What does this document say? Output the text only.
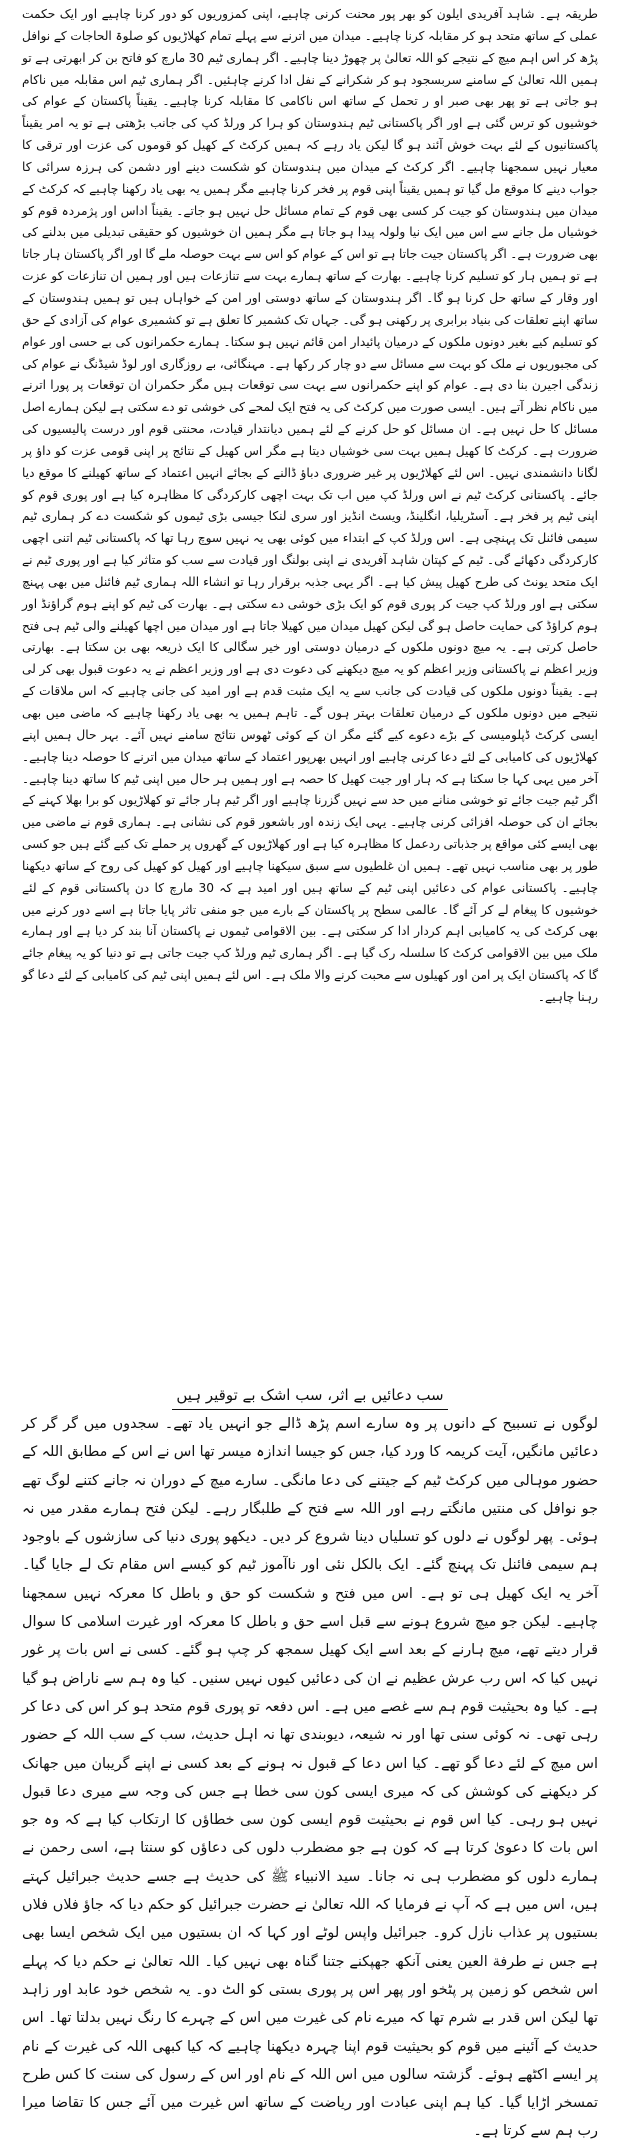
طریقہ ہے۔ شاہد آفریدی ایلون کو بھر پور محنت کرنی چاہیے، اپنی کمزوریوں کو دور کرنا چاہیے اور ایک حکمت عملی کے ساتھ متحد ہو کر مقابلہ کرنا چاہیے۔ میدان میں اترنے سے پہلے تمام کھلاڑیوں کو صلوۃ الحاجات کے نوافل پڑھ کر اس اہم میچ کے نتیجے کو اللہ تعالیٰ پر چھوڑ دینا چاہیے۔ اگر ہماری ٹیم 30 مارچ کو فاتح بن کر ابھرتی ہے تو ہمیں اللہ تعالیٰ کے سامنے سربسجود ہو کر شکرانے کے نفل ادا کرنے چاہئیں۔ اگر ہماری ٹیم اس مقابلہ میں ناکام ہو جاتی ہے تو پھر بھی صبر او ر تحمل کے ساتھ اس ناکامی کا مقابلہ کرنا چاہیے۔ یقیناً پاکستان کے عوام کی خوشیوں کو ترس گئی ہے اور اگر پاکستانی ٹیم ہندوستان کو ہرا کر ورلڈ کپ کی جانب بڑھتی ہے تو یہ امر یقیناً پاکستانیوں کے لئے بہت خوش آئند ہو گا لیکن یاد رہے کہ ہمیں کرکٹ کے کھیل کو قوموں کی عزت اور ترقی کا معیار نہیں سمجھنا چاہیے۔ اگر کرکٹ کے میدان میں ہندوستان کو شکست دینے اور دشمن کی ہرزہ سرائی کا جواب دینے کا موقع مل گیا تو ہمیں یقیناً اپنی قوم پر فخر کرنا چاہیے مگر ہمیں یہ بھی یاد رکھنا چاہیے کہ کرکٹ کے میدان میں ہندوستان کو جیت کر کسی بھی قوم کے تمام مسائل حل نہیں ہو جاتے۔ یقیناً اداس اور پژمردہ قوم کو خوشیاں مل جانے سے اس میں ایک نیا ولولہ پیدا ہو جاتا ہے مگر ہمیں ان خوشیوں کو حقیقی تبدیلی میں بدلنے کی بھی ضرورت ہے۔ اگر پاکستان جیت جاتا ہے تو اس کے عوام کو اس سے بہت حوصلہ ملے گا اور اگر پاکستان ہار جاتا ہے تو ہمیں ہار کو تسلیم کرنا چاہیے۔ بھارت کے ساتھ ہمارے بہت سے تنازعات ہیں اور ہمیں ان تنازعات کو عزت اور وقار کے ساتھ حل کرنا ہو گا۔ اگر ہندوستان کے ساتھ دوستی اور امن کے خواہاں ہیں تو ہمیں ہندوستان کے ساتھ اپنے تعلقات کی بنیاد برابری پر رکھنی ہو گی۔ جہاں تک کشمیر کا تعلق ہے تو کشمیری عوام کی آزادی کے حق کو تسلیم کیے بغیر دونوں ملکوں کے درمیان پائیدار امن قائم نہیں ہو سکتا۔ ہمارے حکمرانوں کی بے حسی اور عوام کی مجبوریوں نے ملک کو بہت سے مسائل سے دو چار کر رکھا ہے۔ مہنگائی، بے روزگاری اور لوڈ شیڈنگ نے عوام کی زندگی اجیرن بنا دی ہے۔ عوام کو اپنے حکمرانوں سے بہت سی توقعات ہیں مگر حکمران ان توقعات پر پورا اترنے میں ناکام نظر آتے ہیں۔ ایسی صورت میں کرکٹ کی یہ فتح ایک لمحے کی خوشی تو دے سکتی ہے لیکن ہمارے اصل مسائل کا حل نہیں ہے۔ ان مسائل کو حل کرنے کے لئے ہمیں دیانتدار قیادت، محنتی قوم اور درست پالیسیوں کی ضرورت ہے۔ کرکٹ کا کھیل ہمیں بہت سی خوشیاں دیتا ہے مگر اس کھیل کے نتائج پر اپنی قومی عزت کو داؤ پر لگانا دانشمندی نہیں۔ اس لئے کھلاڑیوں پر غیر ضروری دباؤ ڈالنے کے بجائے انہیں اعتماد کے ساتھ کھیلنے کا موقع دیا جائے۔ پاکستانی کرکٹ ٹیم نے اس ورلڈ کپ میں اب تک بہت اچھی کارکردگی کا مظاہرہ کیا ہے اور پوری قوم کو اپنی ٹیم پر فخر ہے۔ آسٹریلیا، انگلینڈ، ویسٹ انڈیز اور سری لنکا جیسی بڑی ٹیموں کو شکست دے کر ہماری ٹیم سیمی فائنل تک پہنچی ہے۔ اس ورلڈ کپ کے ابتداء میں کوئی بھی یہ نہیں سوچ رہا تھا کہ پاکستانی ٹیم اتنی اچھی کارکردگی دکھائے گی۔ ٹیم کے کپتان شاہد آفریدی نے اپنی بولنگ اور قیادت سے سب کو متاثر کیا ہے اور پوری ٹیم نے ایک متحد یونٹ کی طرح کھیل پیش کیا ہے۔ اگر یہی جذبہ برقرار رہا تو انشاء اللہ ہماری ٹیم فائنل میں بھی پہنچ سکتی ہے اور ورلڈ کپ جیت کر پوری قوم کو ایک بڑی خوشی دے سکتی ہے۔ بھارت کی ٹیم کو اپنے ہوم گراؤنڈ اور ہوم کراؤڈ کی حمایت حاصل ہو گی لیکن کھیل میدان میں کھیلا جاتا ہے اور میدان میں اچھا کھیلنے والی ٹیم ہی فتح حاصل کرتی ہے۔ یہ میچ دونوں ملکوں کے درمیان دوستی اور خیر سگالی کا ایک ذریعہ بھی بن سکتا ہے۔ بھارتی وزیر اعظم نے پاکستانی وزیر اعظم کو یہ میچ دیکھنے کی دعوت دی ہے اور وزیر اعظم نے یہ دعوت قبول بھی کر لی ہے۔ یقیناً دونوں ملکوں کی قیادت کی جانب سے یہ ایک مثبت قدم ہے اور امید کی جانی چاہیے کہ اس ملاقات کے نتیجے میں دونوں ملکوں کے درمیان تعلقات بہتر ہوں گے۔ تاہم ہمیں یہ بھی یاد رکھنا چاہیے کہ ماضی میں بھی ایسی کرکٹ ڈپلومیسی کے بڑے دعوے کیے گئے مگر ان کے کوئی ٹھوس نتائج سامنے نہیں آئے۔ بہر حال ہمیں اپنے کھلاڑیوں کی کامیابی کے لئے دعا کرنی چاہیے اور انہیں بھرپور اعتماد کے ساتھ میدان میں اترنے کا حوصلہ دینا چاہیے۔ آخر میں یہی کہا جا سکتا ہے کہ ہار اور جیت کھیل کا حصہ ہے اور ہمیں ہر حال میں اپنی ٹیم کا ساتھ دینا چاہیے۔ اگر ٹیم جیت جائے تو خوشی منانے میں حد سے نہیں گزرنا چاہیے اور اگر ٹیم ہار جائے تو کھلاڑیوں کو برا بھلا کہنے کے بجائے ان کی حوصلہ افزائی کرنی چاہیے۔ یہی ایک زندہ اور باشعور قوم کی نشانی ہے۔ ہماری قوم نے ماضی میں بھی ایسے کئی مواقع پر جذباتی ردعمل کا مظاہرہ کیا ہے اور کھلاڑیوں کے گھروں پر حملے تک کیے گئے ہیں جو کسی طور پر بھی مناسب نہیں تھے۔ ہمیں ان غلطیوں سے سبق سیکھنا چاہیے اور کھیل کو کھیل کی روح کے ساتھ دیکھنا چاہیے۔ پاکستانی عوام کی دعائیں اپنی ٹیم کے ساتھ ہیں اور امید ہے کہ 30 مارچ کا دن پاکستانی قوم کے لئے خوشیوں کا پیغام لے کر آئے گا۔ عالمی سطح پر پاکستان کے بارے میں جو منفی تاثر پایا جاتا ہے اسے دور کرنے میں بھی کرکٹ کی یہ کامیابی اہم کردار ادا کر سکتی ہے۔ بین الاقوامی ٹیموں نے پاکستان آنا بند کر دیا ہے اور ہمارے ملک میں بین الاقوامی کرکٹ کا سلسلہ رک گیا ہے۔ اگر ہماری ٹیم ورلڈ کپ جیت جاتی ہے تو دنیا کو یہ پیغام جائے گا کہ پاکستان ایک پر امن اور کھیلوں سے محبت کرنے والا ملک ہے۔ اس لئے ہمیں اپنی ٹیم کی کامیابی کے لئے دعا گو رہنا چاہیے۔

سب دعائیں بے اثر، سب اشک بے توقیر ہیں

لوگوں نے تسبیح کے دانوں پر وہ سارے اسم پڑھ ڈالے جو انہیں یاد تھے۔ سجدوں میں گر گر کر دعائیں مانگیں، آیت کریمہ کا ورد کیا، جس کو جیسا اندازہ میسر تھا اس نے اس کے مطابق اللہ کے حضور موہالی میں کرکٹ ٹیم کے جیتنے کی دعا مانگی۔ سارے میچ کے دوران نہ جانے کتنے لوگ تھے جو نوافل کی منتیں مانگتے رہے اور اللہ سے فتح کے طلبگار رہے۔ لیکن فتح ہمارے مقدر میں نہ ہوئی۔ پھر لوگوں نے دلوں کو تسلیاں دینا شروع کر دیں۔ دیکھو پوری دنیا کی سازشوں کے باوجود ہم سیمی فائنل تک پہنچ گئے۔ ایک بالکل نئی اور ناآموز ٹیم کو کیسے اس مقام تک لے جایا گیا۔ آخر یہ ایک کھیل ہی تو ہے۔ اس میں فتح و شکست کو حق و باطل کا معرکہ نہیں سمجھنا چاہیے۔ لیکن جو میچ شروع ہونے سے قبل اسے حق و باطل کا معرکہ اور غیرت اسلامی کا سوال قرار دیتے تھے، میچ ہارنے کے بعد اسے ایک کھیل سمجھ کر چپ ہو گئے۔ کسی نے اس بات پر غور نہیں کیا کہ اس رب عرش عظیم نے ان کی دعائیں کیوں نہیں سنیں۔ کیا وہ ہم سے ناراض ہو گیا ہے۔ کیا وہ بحیثیت قوم ہم سے غصے میں ہے۔ اس دفعہ تو پوری قوم متحد ہو کر اس کی دعا کر رہی تھی۔ نہ کوئی سنی تھا اور نہ شیعہ، دیوبندی تھا نہ اہل حدیث، سب کے سب اللہ کے حضور اس میچ کے لئے دعا گو تھے۔ کیا اس دعا کے قبول نہ ہونے کے بعد کسی نے اپنے گریبان میں جھانک کر دیکھنے کی کوشش کی کہ میری ایسی کون سی خطا ہے جس کی وجہ سے میری دعا قبول نہیں ہو رہی۔ کیا اس قوم نے بحیثیت قوم ایسی کون سی خطاؤں کا ارتکاب کیا ہے کہ وہ جو اس بات کا دعویٰ کرتا ہے کہ کون ہے جو مضطرب دلوں کی دعاؤں کو سنتا ہے، اسی رحمن نے ہمارے دلوں کو مضطرب ہی نہ جانا۔ سید الانبیاء ﷺ کی حدیث ہے جسے حدیث جبرائیل کہتے ہیں، اس میں ہے کہ آپ نے فرمایا کہ اللہ تعالیٰ نے حضرت جبرائیل کو حکم دیا کہ جاؤ فلاں فلاں بستیوں پر عذاب نازل کرو۔ جبرائیل واپس لوٹے اور کہا کہ ان بستیوں میں ایک شخص ایسا بھی ہے جس نے طرفة العین یعنی آنکھ جھپکنے جتنا گناہ بھی نہیں کیا۔ اللہ تعالیٰ نے حکم دیا کہ پہلے اس شخص کو زمین پر پٹخو اور پھر اس پر پوری بستی کو الٹ دو۔ یہ شخص خود عابد اور زاہد تھا لیکن اس قدر بے شرم تھا کہ میرے نام کی غیرت میں اس کے چہرے کا رنگ نہیں بدلتا تھا۔ اس حدیث کے آئینے میں قوم کو بحیثیت قوم اپنا چہرہ دیکھنا چاہیے کہ کیا کبھی اللہ کی غیرت کے نام پر ایسے اکٹھے ہوئے۔ گزشتہ سالوں میں اس اللہ کے نام اور اس کے رسول کی سنت کا کس طرح تمسخر اڑایا گیا۔ کیا ہم اپنی عبادت اور ریاضت کے ساتھ اس غیرت میں آئے جس کا تقاضا میرا رب ہم سے کرتا ہے۔
